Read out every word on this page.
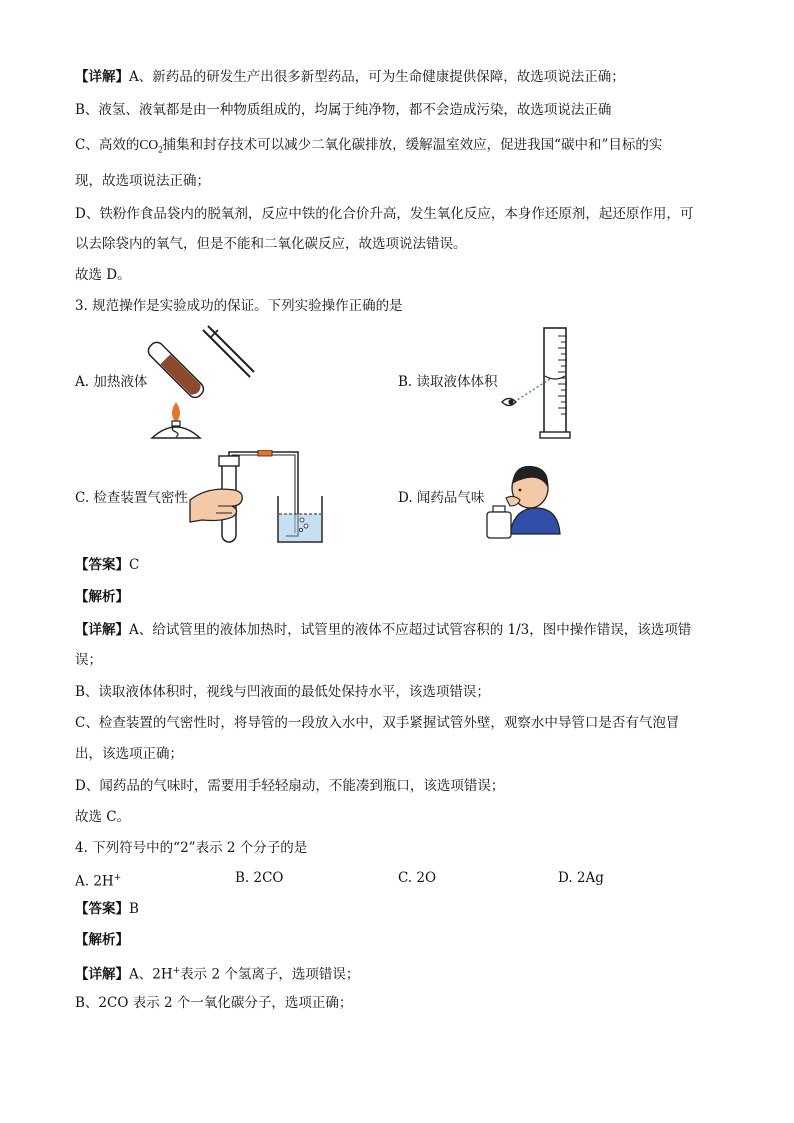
【详解】A、新药品的研发生产出很多新型药品，可为生命健康提供保障，故选项说法正确；
B、液氢、液氧都是由一种物质组成的，均属于纯净物，都不会造成污染，故选项说法正确
C、高效的$CO_2$捕集和封存技术可以减少二氧化碳排放，缓解温室效应，促进我国“碳中和”目标的实
现，故选项说法正确；
D、铁粉作食品袋内的脱氧剂，反应中铁的化合价升高，发生氧化反应，本身作还原剂，起还原作用，可
以去除袋内的氧气，但是不能和二氧化碳反应，故选项说法错误。
故选 D。
3. 规范操作是实验成功的保证。下列实验操作正确的是
A. 加热液体	B. 读取液体体积
C. 检查装置气密性	D. 闻药品气味
【答案】C
【解析】
【详解】A、给试管里的液体加热时，试管里的液体不应超过试管容积的 1/3，图中操作错误，该选项错
误；
B、读取液体体积时，视线与凹液面的最低处保持水平，该选项错误；
C、检查装置的气密性时，将导管的一段放入水中，双手紧握试管外壁，观察水中导管口是否有气泡冒
出，该选项正确；
D、闻药品的气味时，需要用手轻轻扇动，不能凑到瓶口，该选项错误；
故选 C。
4. 下列符号中的“2”表示 2 个分子的是
A. 2H+	B. 2CO	C. 2O	D. 2Ag
【答案】B
【解析】
【详解】A、2H+表示 2 个氢离子，选项错误；
B、2CO 表示 2 个一氧化碳分子，选项正确；
